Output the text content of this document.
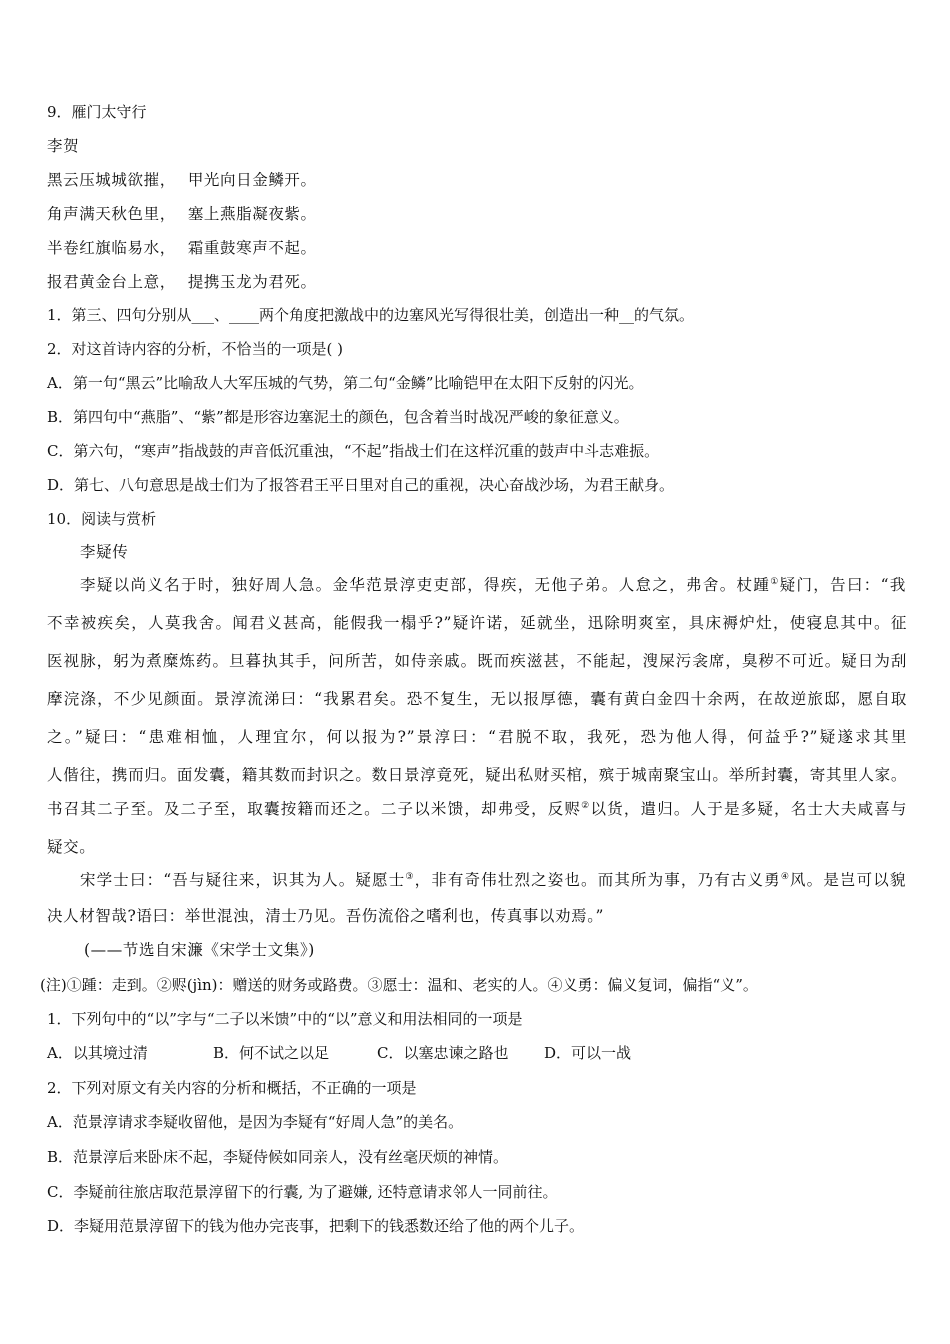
9．雁门太守行
李贺
黑云压城城欲摧， 甲光向日金鳞开。
角声满天秋色里， 塞上燕脂凝夜紫。
半卷红旗临易水， 霜重鼓寒声不起。
报君黄金台上意， 提携玉龙为君死。
1．第三、四句分别从___、____两个角度把激战中的边塞风光写得很壮美，创造出一种__的气氛。
2．对这首诗内容的分析，不恰当的一项是( )
A．第一句“黑云”比喻敌人大军压城的气势，第二句“金鳞”比喻铠甲在太阳下反射的闪光。
B．第四句中“燕脂”、“紫”都是形容边塞泥土的颜色，包含着当时战况严峻的象征意义。
C．第六句，“寒声”指战鼓的声音低沉重浊，“不起”指战士们在这样沉重的鼓声中斗志难振。
D．第七、八句意思是战士们为了报答君王平日里对自己的重视，决心奋战沙场，为君王献身。
10．阅读与赏析
李疑传
李疑以尚义名于时，独好周人急。金华范景淳吏吏部，得疾，无他子弟。人怠之，弗舍。杖踵①疑门，告曰：“我
不幸被疾矣，人莫我舍。闻君义甚高，能假我一榻乎?”疑许诺，延就坐，迅除明爽室，具床褥炉灶，使寝息其中。征
医视脉，躬为煮糜炼药。旦暮执其手，问所苦，如侍亲戚。既而疾滋甚，不能起，溲屎污衾席，臭秽不可近。疑日为刮
摩浣涤，不少见颜面。景淳流涕曰：“我累君矣。恐不复生，无以报厚德，囊有黄白金四十余两，在故逆旅邸，愿自取
之。”疑曰：“患难相恤，人理宜尔，何以报为?”景淳曰：“君脱不取，我死，恐为他人得，何益乎?”疑遂求其里
人偕往，携而归。面发囊，籍其数而封识之。数日景淳竟死，疑出私财买棺，殡于城南聚宝山。举所封囊，寄其里人家。
书召其二子至。及二子至，取囊按籍而还之。二子以米馈，却弗受，反赆②以货，遣归。人于是多疑，名士大夫咸喜与
疑交。
宋学士曰：“吾与疑往来，识其为人。疑愿士③，非有奇伟壮烈之姿也。而其所为事，乃有古义勇④风。是岂可以貌
决人材智哉?语曰：举世混浊，清士乃见。吾伤流俗之嗜利也，传真事以劝焉。”
(——节选自宋濂《宋学士文集》)
(注)①踵：走到。②赆(jìn)：赠送的财务或路费。③愿士：温和、老实的人。④义勇：偏义复词，偏指“义”。
1．下列句中的“以”字与“二子以米馈”中的“以”意义和用法相同的一项是
A．以其境过清	B．何不试之以足	C．以塞忠谏之路也 D．可以一战
2．下列对原文有关内容的分析和概括，不正确的一项是
A．范景淳请求李疑收留他，是因为李疑有“好周人急”的美名。
B．范景淳后来卧床不起，李疑侍候如同亲人，没有丝毫厌烦的神情。
C．李疑前往旅店取范景淳留下的行囊, 为了避嫌, 还特意请求邻人一同前往。
D．李疑用范景淳留下的钱为他办完丧事，把剩下的钱悉数还给了他的两个儿子。
